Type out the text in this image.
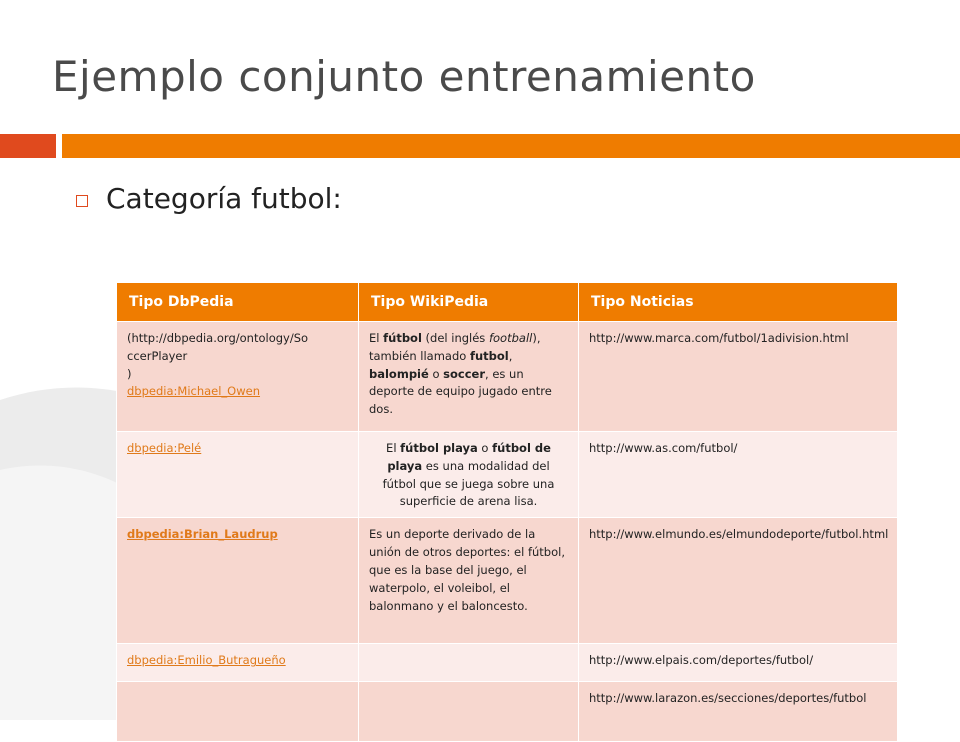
Ejemplo conjunto entrenamiento
Categoría futbol:
Tipo DbPedia	Tipo WikiPedia	Tipo Noticias
(http://dbpedia.org/ontology/So
ccerPlayer
)
dbpedia:Michael_Owen	El fútbol (del inglés football), también llamado futbol, balompié o soccer, es un deporte de equipo jugado entre dos.	http://www.marca.com/futbol/1adivision.html
dbpedia:Pelé	El fútbol playa o fútbol de playa es una modalidad del fútbol que se juega sobre una superficie de arena lisa.	http://www.as.com/futbol/
dbpedia:Brian_Laudrup	Es un deporte derivado de la unión de otros deportes: el fútbol, que es la base del juego, el waterpolo, el voleibol, el balonmano y el baloncesto.	http://www.elmundo.es/elmundodeporte/futbol.html
dbpedia:Emilio_Butragueño		http://www.elpais.com/deportes/futbol/
		http://www.larazon.es/secciones/deportes/futbol
